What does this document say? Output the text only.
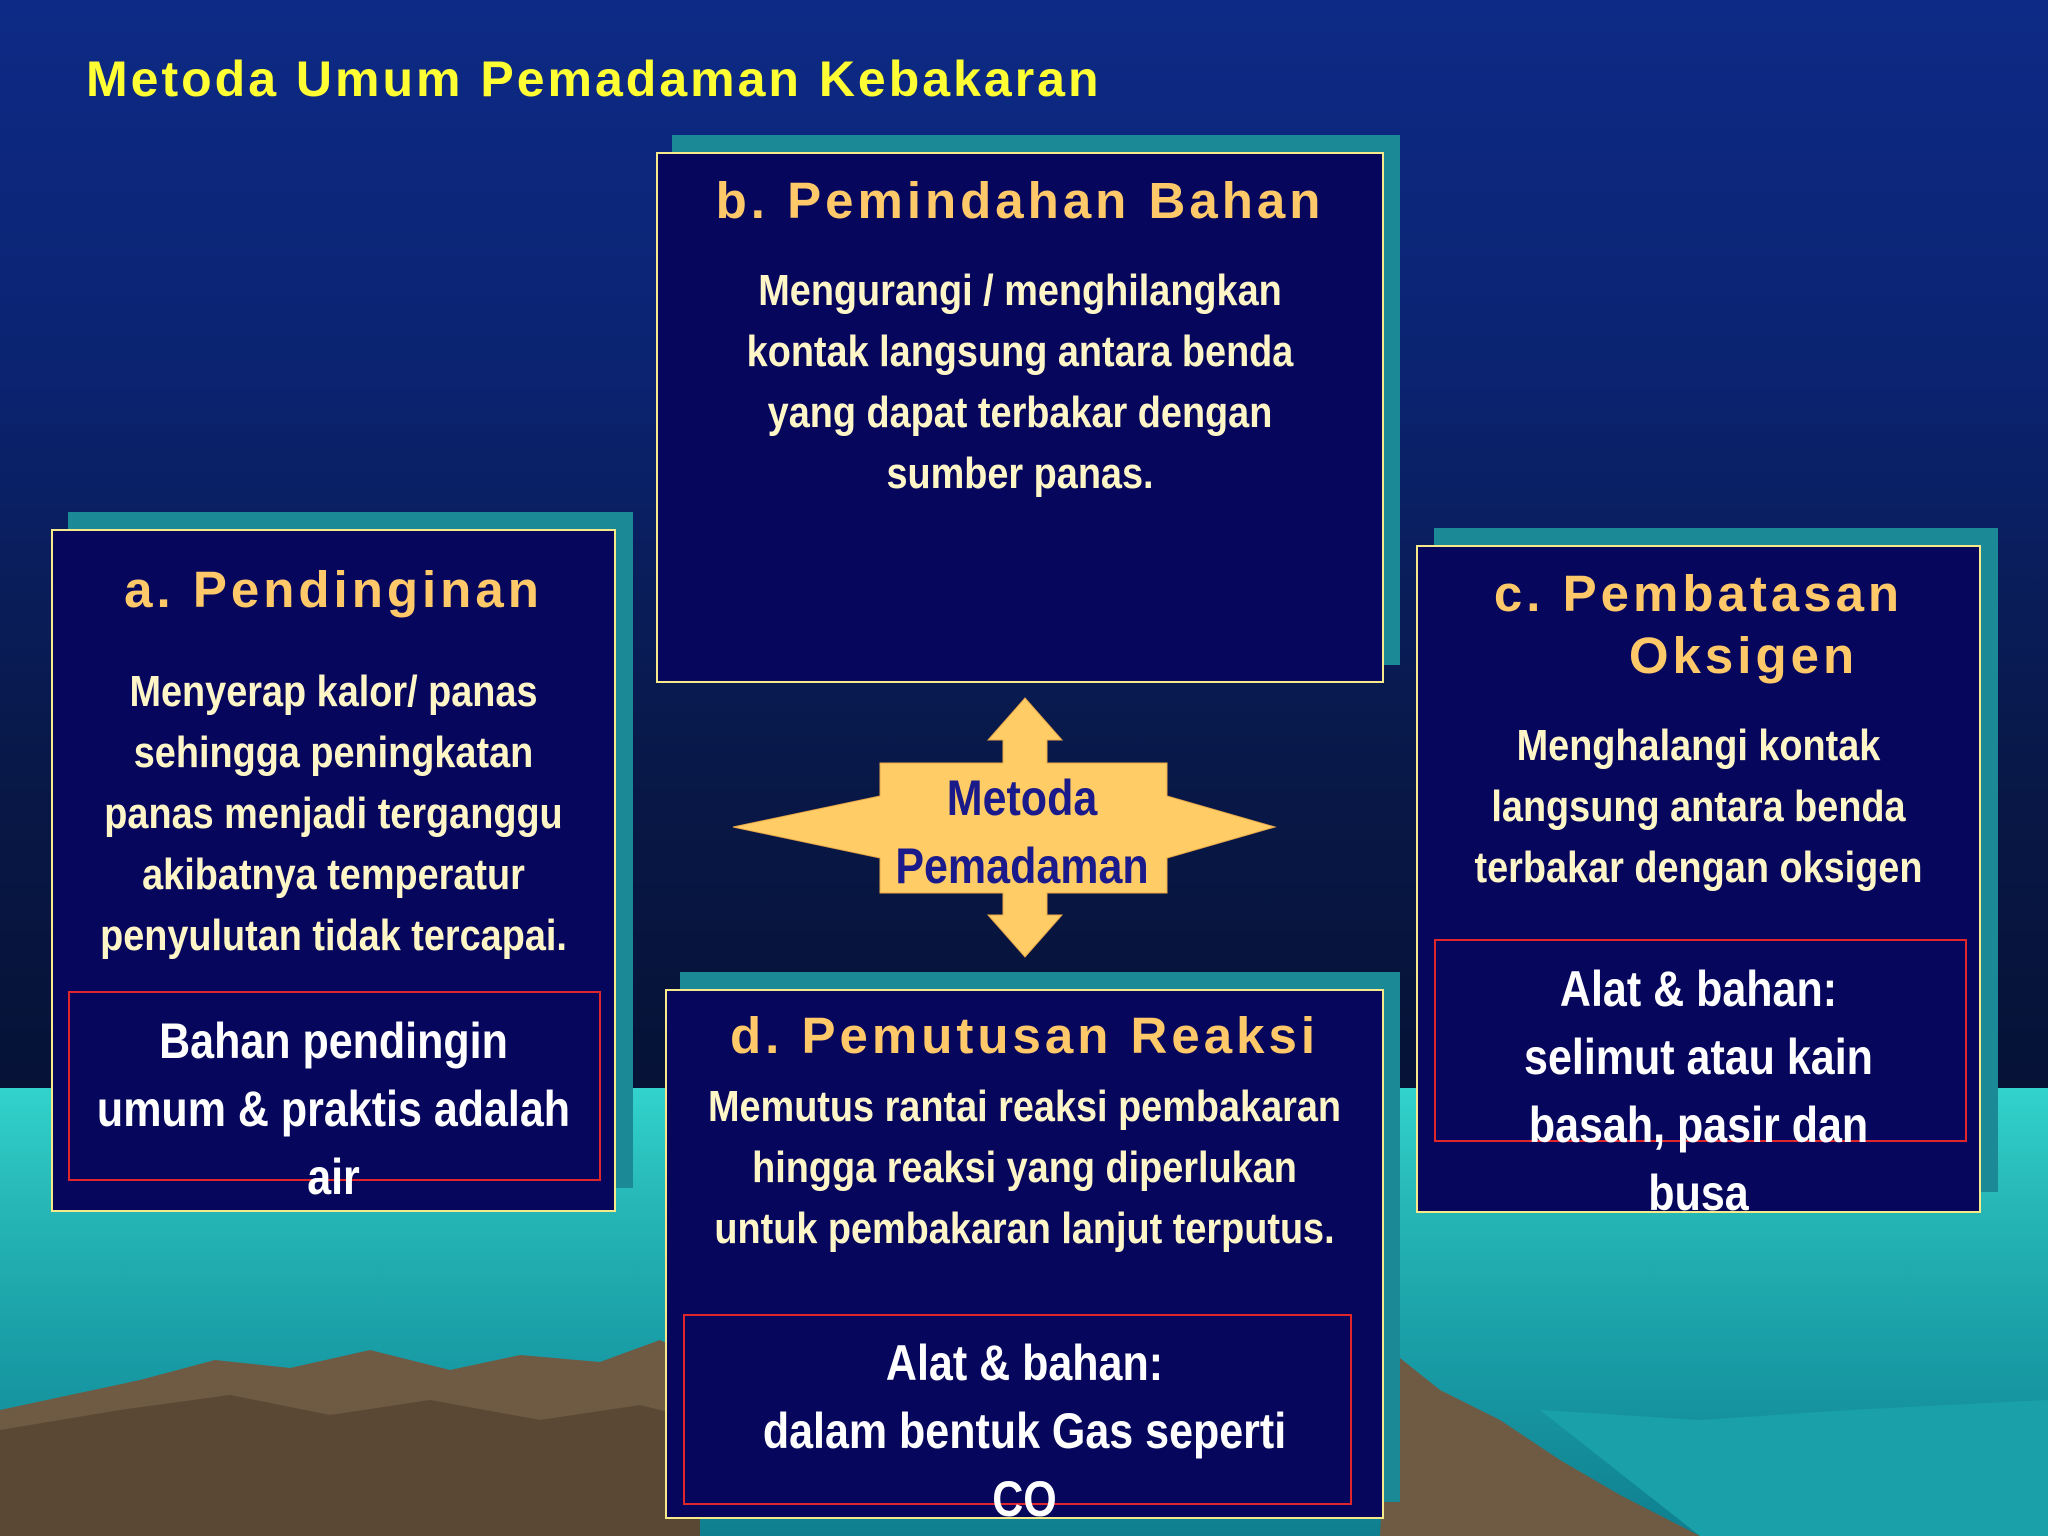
Metoda Umum Pemadaman Kebakaran
a. Pendinginan
Menyerap kalor/ panas
sehingga peningkatan
panas menjadi terganggu
akibatnya temperatur
penyulutan tidak tercapai.
Bahan pendingin
umum & praktis adalah
air
b. Pemindahan Bahan
Mengurangi / menghilangkan
kontak langsung antara benda
yang dapat terbakar dengan
sumber panas.
c. Pembatasan
Oksigen
Menghalangi kontak
langsung antara benda
terbakar dengan oksigen
Alat & bahan:
selimut atau kain
basah, pasir dan
busa
d. Pemutusan Reaksi
Memutus rantai reaksi pembakaran
hingga reaksi yang diperlukan
untuk pembakaran lanjut terputus.
Alat & bahan:
dalam bentuk Gas seperti
CO
Metoda
Pemadaman
